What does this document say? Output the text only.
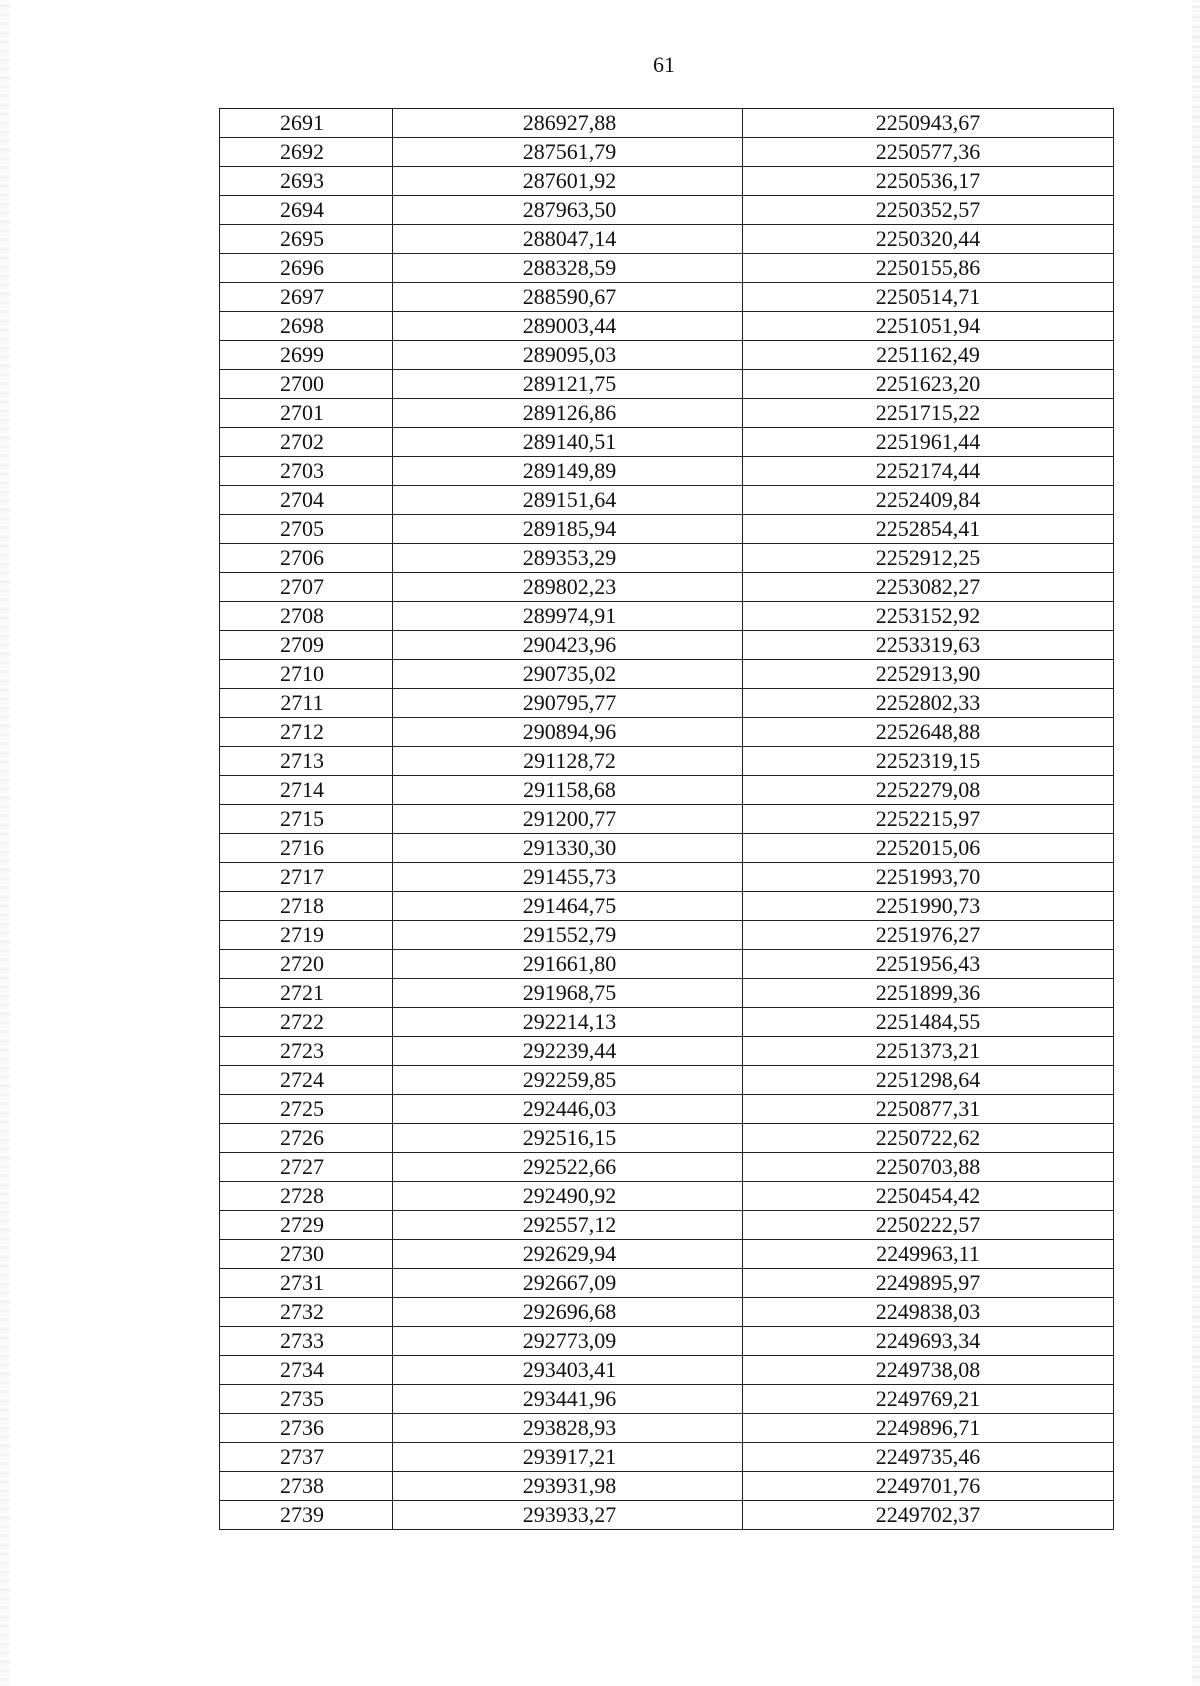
61
2691	286927,88	2250943,67
2692	287561,79	2250577,36
2693	287601,92	2250536,17
2694	287963,50	2250352,57
2695	288047,14	2250320,44
2696	288328,59	2250155,86
2697	288590,67	2250514,71
2698	289003,44	2251051,94
2699	289095,03	2251162,49
2700	289121,75	2251623,20
2701	289126,86	2251715,22
2702	289140,51	2251961,44
2703	289149,89	2252174,44
2704	289151,64	2252409,84
2705	289185,94	2252854,41
2706	289353,29	2252912,25
2707	289802,23	2253082,27
2708	289974,91	2253152,92
2709	290423,96	2253319,63
2710	290735,02	2252913,90
2711	290795,77	2252802,33
2712	290894,96	2252648,88
2713	291128,72	2252319,15
2714	291158,68	2252279,08
2715	291200,77	2252215,97
2716	291330,30	2252015,06
2717	291455,73	2251993,70
2718	291464,75	2251990,73
2719	291552,79	2251976,27
2720	291661,80	2251956,43
2721	291968,75	2251899,36
2722	292214,13	2251484,55
2723	292239,44	2251373,21
2724	292259,85	2251298,64
2725	292446,03	2250877,31
2726	292516,15	2250722,62
2727	292522,66	2250703,88
2728	292490,92	2250454,42
2729	292557,12	2250222,57
2730	292629,94	2249963,11
2731	292667,09	2249895,97
2732	292696,68	2249838,03
2733	292773,09	2249693,34
2734	293403,41	2249738,08
2735	293441,96	2249769,21
2736	293828,93	2249896,71
2737	293917,21	2249735,46
2738	293931,98	2249701,76
2739	293933,27	2249702,37
